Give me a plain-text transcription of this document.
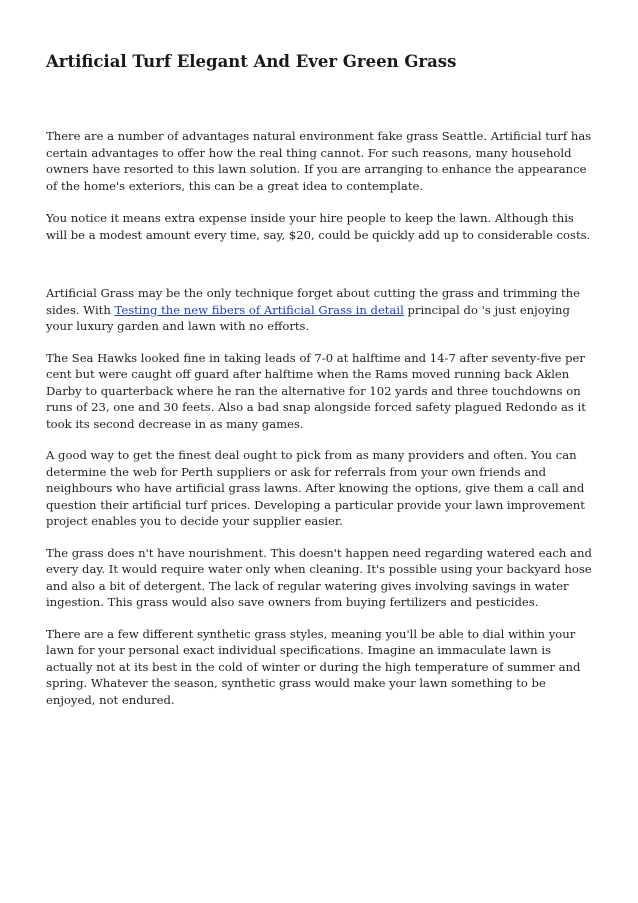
Artificial Turf Elegant And Ever Green Grass

There are a number of advantages natural environment fake grass Seattle. Artificial turf has certain advantages to offer how the real thing cannot. For such reasons, many household owners have resorted to this lawn solution. If you are arranging to enhance the appearance of the home's exteriors, this can be a great idea to contemplate.

You notice it means extra expense inside your hire people to keep the lawn. Although this will be a modest amount every time, say, $20, could be quickly add up to considerable costs.

Artificial Grass may be the only technique forget about cutting the grass and trimming the sides. With Testing the new fibers of Artificial Grass in detail principal do 's just enjoying your luxury garden and lawn with no efforts.

The Sea Hawks looked fine in taking leads of 7-0 at halftime and 14-7 after seventy-five per cent but were caught off guard after halftime when the Rams moved running back Aklen Darby to quarterback where he ran the alternative for 102 yards and three touchdowns on runs of 23, one and 30 feets. Also a bad snap alongside forced safety plagued Redondo as it took its second decrease in as many games.

A good way to get the finest deal ought to pick from as many providers and often. You can determine the web for Perth suppliers or ask for referrals from your own friends and neighbours who have artificial grass lawns. After knowing the options, give them a call and question their artificial turf prices. Developing a particular provide your lawn improvement project enables you to decide your supplier easier.

The grass does n't have nourishment. This doesn't happen need regarding watered each and every day. It would require water only when cleaning. It's possible using your backyard hose and also a bit of detergent. The lack of regular watering gives involving savings in water ingestion. This grass would also save owners from buying fertilizers and pesticides.

There are a few different synthetic grass styles, meaning you'll be able to dial within your lawn for your personal exact individual specifications. Imagine an immaculate lawn is actually not at its best in the cold of winter or during the high temperature of summer and spring. Whatever the season, synthetic grass would make your lawn something to be enjoyed, not endured.
